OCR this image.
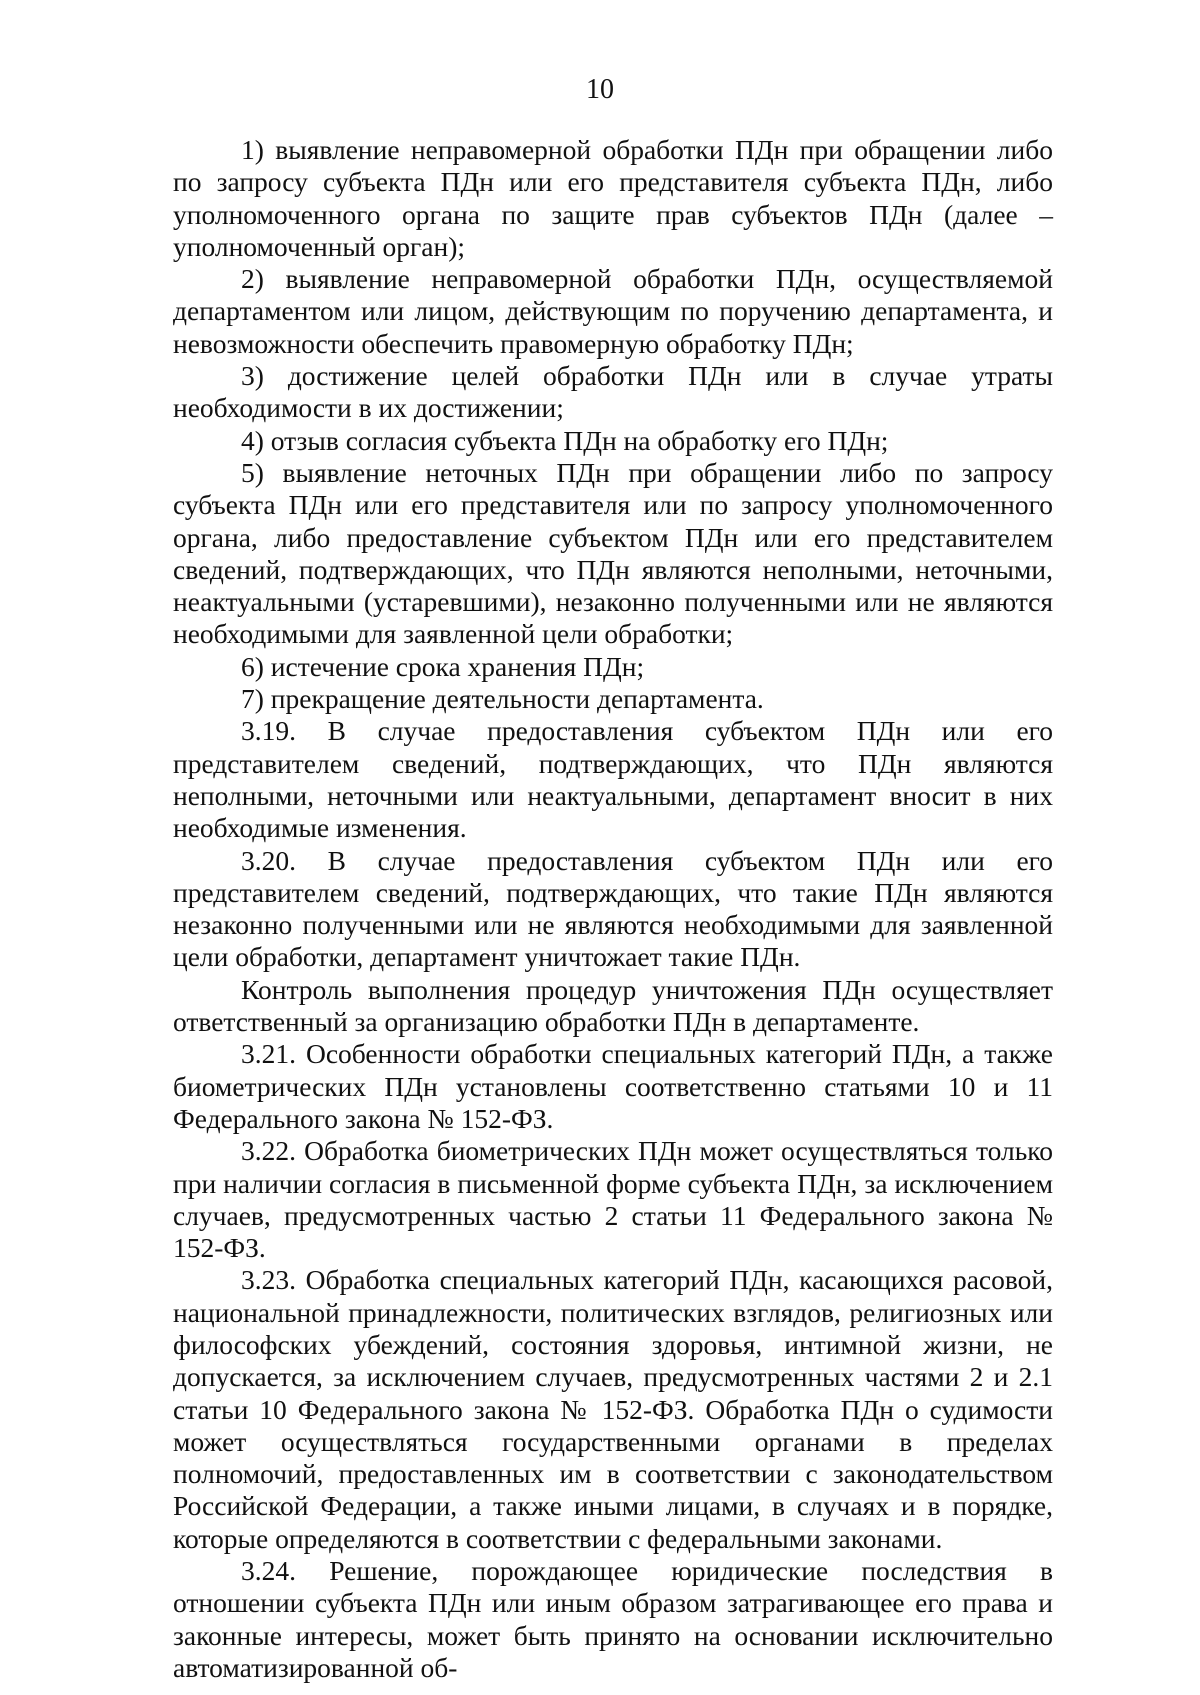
10

1) выявление неправомерной обработки ПДн при обращении либо по запросу субъекта ПДн или его представителя субъекта ПДн, либо уполномоченного органа по защите прав субъектов ПДн (далее – уполномоченный орган);

2) выявление неправомерной обработки ПДн, осуществляемой департаментом или лицом, действующим по поручению департамента, и невозможности обеспечить правомерную обработку ПДн;

3) достижение целей обработки ПДн или в случае утраты необходимости в их достижении;

4) отзыв согласия субъекта ПДн на обработку его ПДн;

5) выявление неточных ПДн при обращении либо по запросу субъекта ПДн или его представителя или по запросу уполномоченного органа, либо предоставление субъектом ПДн или его представителем сведений, подтверждающих, что ПДн являются неполными, неточными, неактуальными (устаревшими), незаконно полученными или не являются необходимыми для заявленной цели обработки;

6) истечение срока хранения ПДн;

7) прекращение деятельности департамента.

3.19. В случае предоставления субъектом ПДн или его представителем сведений, подтверждающих, что ПДн являются неполными, неточными или неактуальными, департамент вносит в них необходимые изменения.

3.20. В случае предоставления субъектом ПДн или его представителем сведений, подтверждающих, что такие ПДн являются незаконно полученными или не являются необходимыми для заявленной цели обработки, департамент уничтожает такие ПДн.

Контроль выполнения процедур уничтожения ПДн осуществляет ответственный за организацию обработки ПДн в департаменте.

3.21. Особенности обработки специальных категорий ПДн, а также биометрических ПДн установлены соответственно статьями 10 и 11 Федерального закона № 152-ФЗ.

3.22. Обработка биометрических ПДн может осуществляться только при наличии согласия в письменной форме субъекта ПДн, за исключением случаев, предусмотренных частью 2 статьи 11 Федерального закона № 152-ФЗ.

3.23. Обработка специальных категорий ПДн, касающихся расовой, национальной принадлежности, политических взглядов, религиозных или философских убеждений, состояния здоровья, интимной жизни, не допускается, за исключением случаев, предусмотренных частями 2 и 2.1 статьи 10 Федерального закона № 152-ФЗ. Обработка ПДн о судимости может осуществляться государственными органами в пределах полномочий, предоставленных им в соответствии с законодательством Российской Федерации, а также иными лицами, в случаях и в порядке, которые определяются в соответствии с федеральными законами.

3.24. Решение, порождающее юридические последствия в отношении субъекта ПДн или иным образом затрагивающее его права и законные интересы, может быть принято на основании исключительно автоматизированной об-
